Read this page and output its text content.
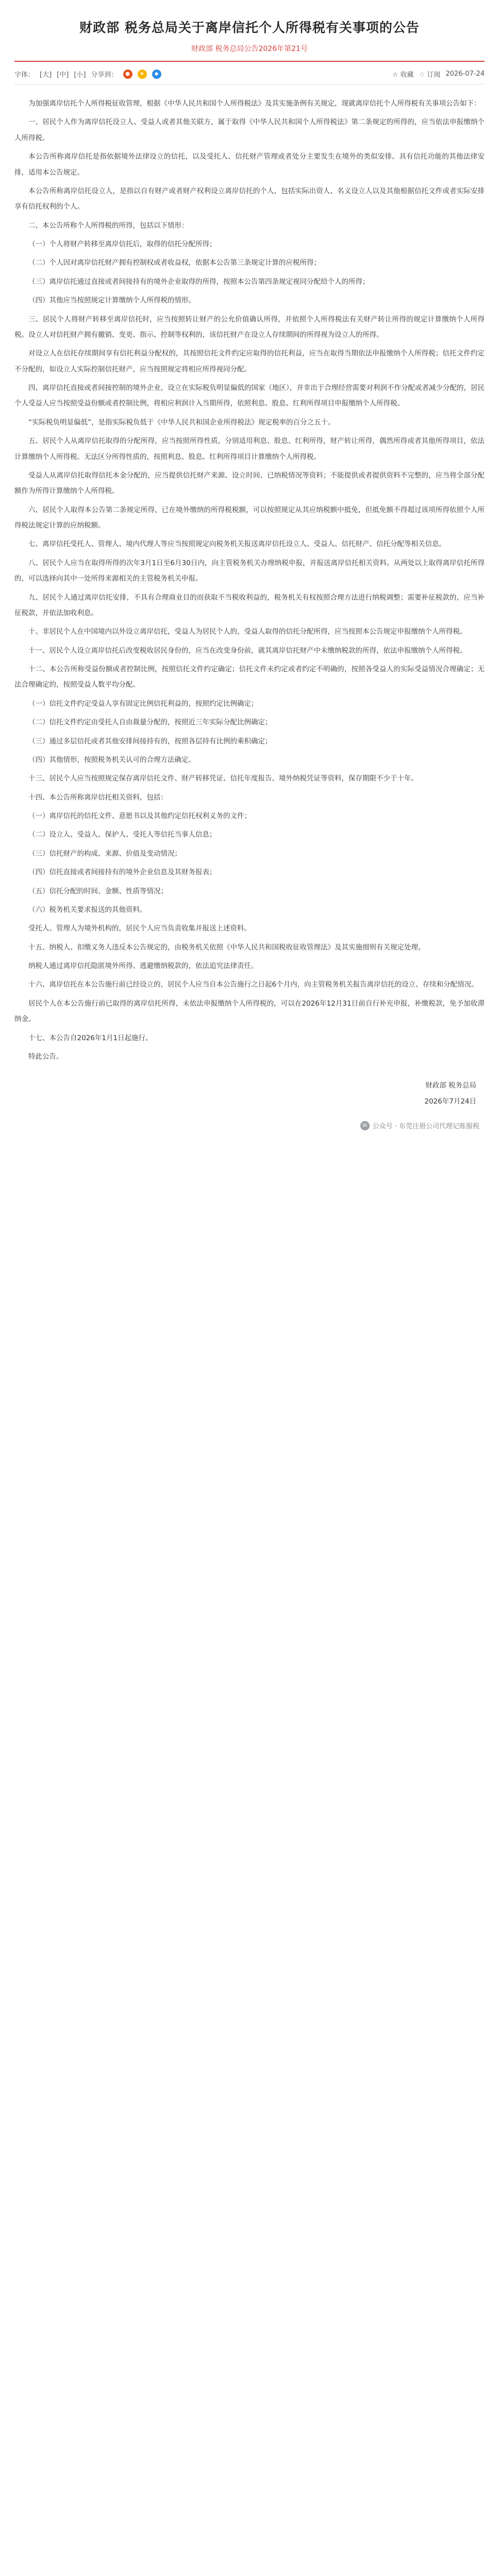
财政部 税务总局关于离岸信托个人所得税有关事项的公告
财政部 税务总局公告2026年第21号
字体： [大] [中] [小] 分享到：	●	★	◆	☆ 收藏 ♢ 订阅 2026-07-24

为加强离岸信托个人所得税征收管理，根据《中华人民共和国个人所得税法》及其实施条例有关规定，现就离岸信托个人所得税有关事项公告如下：

一、居民个人作为离岸信托设立人、受益人或者其他关联方，属于取得《中华人民共和国个人所得税法》第二条规定的所得的，应当依法申报缴纳个人所得税。

本公告所称离岸信托是指依据境外法律设立的信托，以及受托人、信托财产管理或者处分主要发生在境外的类似安排。具有信托功能的其他法律安排，适用本公告规定。

本公告所称离岸信托设立人，是指以自有财产或者财产权利设立离岸信托的个人，包括实际出资人、名义设立人以及其他根据信托文件或者实际安排享有信托权利的个人。

二、本公告所称个人所得税的所得，包括以下情形：

（一）个人将财产转移至离岸信托后，取得的信托分配所得；

（二）个人因对离岸信托财产拥有控制权或者收益权，依据本公告第三条规定计算的应税所得；

（三）离岸信托通过直接或者间接持有的境外企业取得的所得，按照本公告第四条规定视同分配给个人的所得；

（四）其他应当按照规定计算缴纳个人所得税的情形。

三、居民个人将财产转移至离岸信托时，应当按照转让财产的公允价值确认所得，并依照个人所得税法有关财产转让所得的规定计算缴纳个人所得税。设立人对信托财产拥有撤销、变更、指示、控制等权利的，该信托财产在设立人存续期间的所得视为设立人的所得。

对设立人在信托存续期间享有信托利益分配权的，其按照信托文件约定应取得的信托利益，应当在取得当期依法申报缴纳个人所得税；信托文件约定不分配的，如设立人实际控制信托财产，应当按照规定将相应所得视同分配。

四、离岸信托直接或者间接控制的境外企业，设立在实际税负明显偏低的国家（地区），并非出于合理经营需要对利润不作分配或者减少分配的，居民个人受益人应当按照受益份额或者控制比例，将相应利润计入当期所得，依照利息、股息、红利所得项目申报缴纳个人所得税。

“实际税负明显偏低”，是指实际税负低于《中华人民共和国企业所得税法》规定税率的百分之五十。

五、居民个人从离岸信托取得的分配所得，应当按照所得性质，分别适用利息、股息、红利所得，财产转让所得，偶然所得或者其他所得项目，依法计算缴纳个人所得税。无法区分所得性质的，按照利息、股息、红利所得项目计算缴纳个人所得税。

受益人从离岸信托取得信托本金分配的，应当提供信托财产来源、设立时间、已纳税情况等资料；不能提供或者提供资料不完整的，应当将全部分配额作为所得计算缴纳个人所得税。

六、居民个人取得本公告第二条规定所得，已在境外缴纳的所得税税额，可以按照规定从其应纳税额中抵免，但抵免额不得超过该项所得依照个人所得税法规定计算的应纳税额。

七、离岸信托受托人、管理人、境内代理人等应当按照规定向税务机关报送离岸信托设立人、受益人、信托财产、信托分配等相关信息。

八、居民个人应当在取得所得的次年3月1日至6月30日内，向主管税务机关办理纳税申报，并报送离岸信托相关资料。从两处以上取得离岸信托所得的，可以选择向其中一处所得来源相关的主管税务机关申报。

九、居民个人通过离岸信托安排，不具有合理商业目的而获取不当税收利益的，税务机关有权按照合理方法进行纳税调整；需要补征税款的，应当补征税款，并依法加收利息。

十、非居民个人在中国境内以外设立离岸信托，受益人为居民个人的，受益人取得的信托分配所得，应当按照本公告规定申报缴纳个人所得税。

十一、居民个人设立离岸信托后改变税收居民身份的，应当在改变身份前，就其离岸信托财产中未缴纳税款的所得，依法申报缴纳个人所得税。

十二、本公告所称受益份额或者控制比例，按照信托文件约定确定；信托文件未约定或者约定不明确的，按照各受益人的实际受益情况合理确定；无法合理确定的，按照受益人数平均分配。

（一）信托文件约定受益人享有固定比例信托利益的，按照约定比例确定；

（二）信托文件约定由受托人自由裁量分配的，按照近三年实际分配比例确定；

（三）通过多层信托或者其他安排间接持有的，按照各层持有比例的乘积确定；

（四）其他情形，按照税务机关认可的合理方法确定。

十三、居民个人应当按照规定保存离岸信托文件、财产转移凭证、信托年度报告、境外纳税凭证等资料，保存期限不少于十年。

十四、本公告所称离岸信托相关资料，包括：

（一）离岸信托的信托文件、意愿书以及其他约定信托权利义务的文件；

（二）设立人、受益人、保护人、受托人等信托当事人信息；

（三）信托财产的构成、来源、价值及变动情况；

（四）信托直接或者间接持有的境外企业信息及其财务报表；

（五）信托分配的时间、金额、性质等情况；

（六）税务机关要求报送的其他资料。

受托人、管理人为境外机构的，居民个人应当负责收集并报送上述资料。

十五、纳税人、扣缴义务人违反本公告规定的，由税务机关依照《中华人民共和国税收征收管理法》及其实施细则有关规定处理。

纳税人通过离岸信托隐匿境外所得、逃避缴纳税款的，依法追究法律责任。

十六、离岸信托在本公告施行前已经设立的，居民个人应当自本公告施行之日起6个月内，向主管税务机关报告离岸信托的设立、存续和分配情况。

居民个人在本公告施行前已取得的离岸信托所得，未依法申报缴纳个人所得税的，可以在2026年12月31日前自行补充申报，补缴税款，免予加收滞纳金。

十七、本公告自2026年1月1日起施行。

特此公告。

财政部 税务总局
2026年7月24日
✉ 公众号 · 东莞注册公司代理记账服税
